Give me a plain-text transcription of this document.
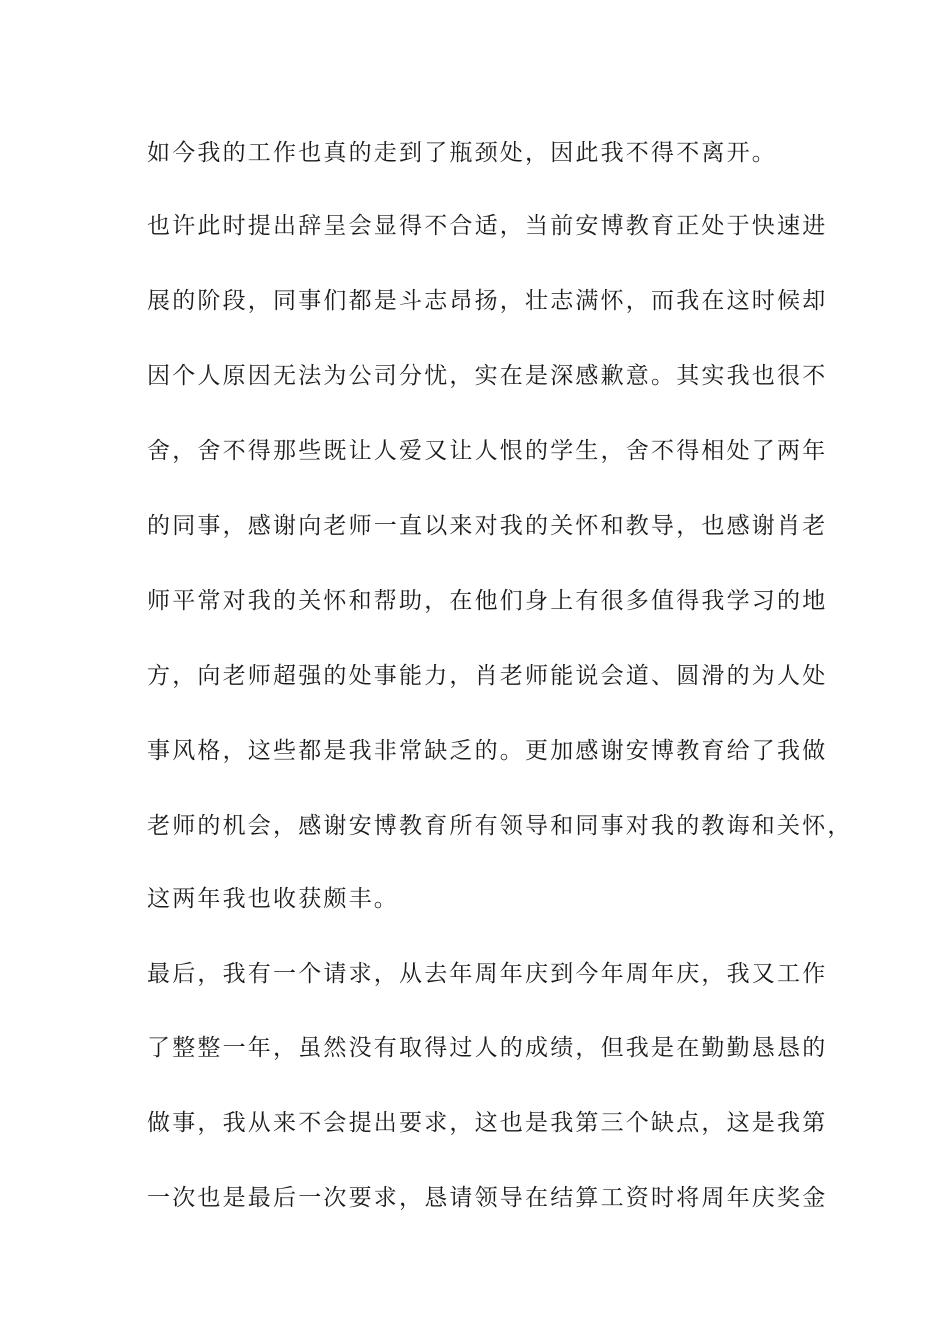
如今我的工作也真的走到了瓶颈处，因此我不得不离开。
也许此时提出辞呈会显得不合适，当前安博教育正处于快速进
展的阶段，同事们都是斗志昂扬，壮志满怀，而我在这时候却
因个人原因无法为公司分忧，实在是深感歉意。其实我也很不
舍，舍不得那些既让人爱又让人恨的学生，舍不得相处了两年
的同事，感谢向老师一直以来对我的关怀和教导，也感谢肖老
师平常对我的关怀和帮助，在他们身上有很多值得我学习的地
方，向老师超强的处事能力，肖老师能说会道、圆滑的为人处
事风格，这些都是我非常缺乏的。更加感谢安博教育给了我做
老师的机会，感谢安博教育所有领导和同事对我的教诲和关怀，
这两年我也收获颇丰。
最后，我有一个请求，从去年周年庆到今年周年庆，我又工作
了整整一年，虽然没有取得过人的成绩，但我是在勤勤恳恳的
做事，我从来不会提出要求，这也是我第三个缺点，这是我第
一次也是最后一次要求，恳请领导在结算工资时将周年庆奖金
